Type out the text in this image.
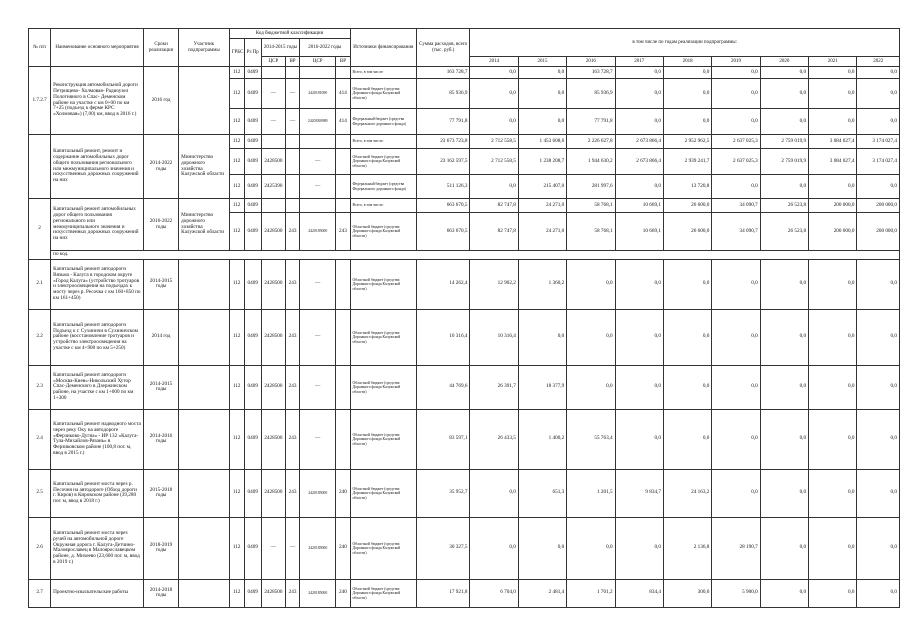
№ п/п	Наименование основного мероприятия	Сроки реализации	Участник подпрограммы	Код бюджетной классификации						Источники финансирования	Сумма расходов, всего (тыс. руб.)	в том числе по годам реализации подпрограммы:								
				ГРБС	Рз Пр	2014-2015 годы		2016-2022 годы												
						ЦСР	ВР	ЦСР	ВР			2014	2015	2016	2017	2018	2019	2020	2021	2022
1.7.2.7	Реконструкция автомобильной дороги Петрищево- Холмовая- Радиоузел Полотняного в Спас- Деменском районе на участке с км 0+00 по км 7+25 (подъезд к ферме КРС «Холмовая») (7,00) км, ввод в 2016 г.)	2016 год		112	0409					Всего, в том числе:	163 728,7	0,0	0,0	163 728,7	0,0	0,0	0,0	0,0	0,0	0,0
				112	0409	—	—	2420181090	414	Областной бюджет (средства Дорожного фонда Калужской области)	85 936,9	0,0	0,0	85 936,9	0,0	0,0	0,0	0,0	0,0	0,0
				112	0409	—	—	24201R0980	414	Федеральный бюджет (средства Федерального дорожного фонда)	77 791,8	0,0	0,0	77 791,8	0,0	0,0	0,0	0,0	0,0	0,0
	Капитальный ремонт, ремонт и содержание автомобильных дорог общего пользования регионального или межмуниципального значения и искусственных дорожных сооружений на них	2014-2022 годы	Министерство дорожного хозяйства Калужской области	112	0409					Всего, в том числе:	23 673 723,8	2 712 558,5	1 453 608,6	2 226 627,8	2 673 866,4	2 952 962,5	2 637 025,3	2 759 019,9	3 084 027,4	3 174 027,4
				112	0409	2428500		—		Областной бюджет (средства Дорожного фонда Калужской области)	23 162 597,5	2 712 558,5	1 238 208,7	1 944 630,2	2 673 866,4	2 939 241,7	2 637 025,3	2 759 019,9	3 084 027,4	3 174 027,4
				112	0409	2425390		—		Федеральный бюджет (средства Федерального дорожного фонда)	511 126,3	0,0	215 407,0	281 997,6	0,0	13 720,8	0,0	0,0	0,0	0,0
2	Капитальный ремонт автомобильных дорог общего пользования регионального или межмуниципального значения и искусственных дорожных сооружений на них	2016-2022 годы	Министерство дорожного хозяйства Калужской области	112	0409					Всего, в том числе:	663 670,5	82 747,8	24 271,0	58 768,1	10 669,1	26 600,0	34 090,7	26 523,8	200 000,0	200 000,0
				112	0409	2428500	243	2420185000	243	Областной бюджет (средства Дорожного фонда Калужской области)	663 670,5	82 747,8	24 271,0	58 768,1	10 669,1	26 600,0	34 090,7	26 523,8	200 000,0	200 000,0
	по код.																			
2.1	Капитальный ремонт автодороги Вязьма - Калуга в городском округе «Город Калуга» (устройство тротуаров и электроосвещения на подъездах к мосту через р. Ресочка с км 160+850 по км 161+450)	2014-2015 годы		112	0409	2428500	243	—		Областной бюджет (средства Дорожного фонда Калужской области)	14 262,4	12 902,2	1 360,2	0,0	0,0	0,0	0,0	0,0	0,0	0,0
2.2	Капитальный ремонт автодороги Подъезд к г. Сухиничи в Сухиничском районе (восстановление тротуаров и устройство электроосвещения на участке с км 4+900 по км 5+250)	2014 год		112	0409	2428500	243	—		Областной бюджет (средства Дорожного фонда Калужской области)	10 316,4	10 316,4	0,0	0,0	0,0	0,0	0,0	0,0	0,0	0,0
2.3	Капитальный ремонт автодороги «Москва-Киев»-Никольский Хутор Спас-Деменского в Дзержинском районе, на участке с км 1+000 по км 1+300	2014-2015 годы		112	0409	2428500	243	—		Областной бюджет (средства Дорожного фонда Калужской области)	44 769,6	26 391,7	18 377,9	0,0	0,0	0,0	0,0	0,0	0,0	0,0
2.4	Капитальный ремонт надводного моста через реку Оку на автодороге «Ферзиково-Дугна» - ИР 132 «Калуга-Тула-Михайлов-Рязань» в Ферзиковском районе (100,8 пог. м, ввод в 2015 г.)	2014-2016 годы		112	0409	2428500	243	—		Областной бюджет (средства Дорожного фонда Калужской области)	83 597,1	26 433,5	1 400,2	55 763,4	0,0	0,0	0,0	0,0	0,0	0,0
2.5	Капитальный ремонт моста через р. Песочня на автодороге (Обход дороги г. Киров) в Кировском районе (39,280 пог. м, ввод в 2018 г.)	2015-2018 годы		112	0409	2428500	243	2420185000	240	Областной бюджет (средства Дорожного фонда Калужской области)	35 952,7	0,0	651,3	1 201,5	9 834,7	24 163,2	0,0	0,0	0,0	0,0
2.6	Капитальный ремонт моста через ручей на автомобильной дороге Окружная дорога г. Калуга-Детчино-Малоярославец в Малоярославецком районе, д. Михеево (23,600 пог. м, ввод в 2019 г.)	2018-2019 годы		112	0409	—	—	2420185000	240	Областной бюджет (средства Дорожного фонда Калужской области)	30 327,5	0,0	0,0	0,0	0,0	2 136,8	28 190,7	0,0	0,0	0,0
2.7	Проектно-изыскательские работы	2014-2018 годы		112	0409	2428500	243	2420185000	240	Областной бюджет (средства Дорожного фонда Калужской области)	17 921,8	6 704,0	2 481,4	1 701,2	834,4	300,0	5 900,0	0,0	0,0	0,0
